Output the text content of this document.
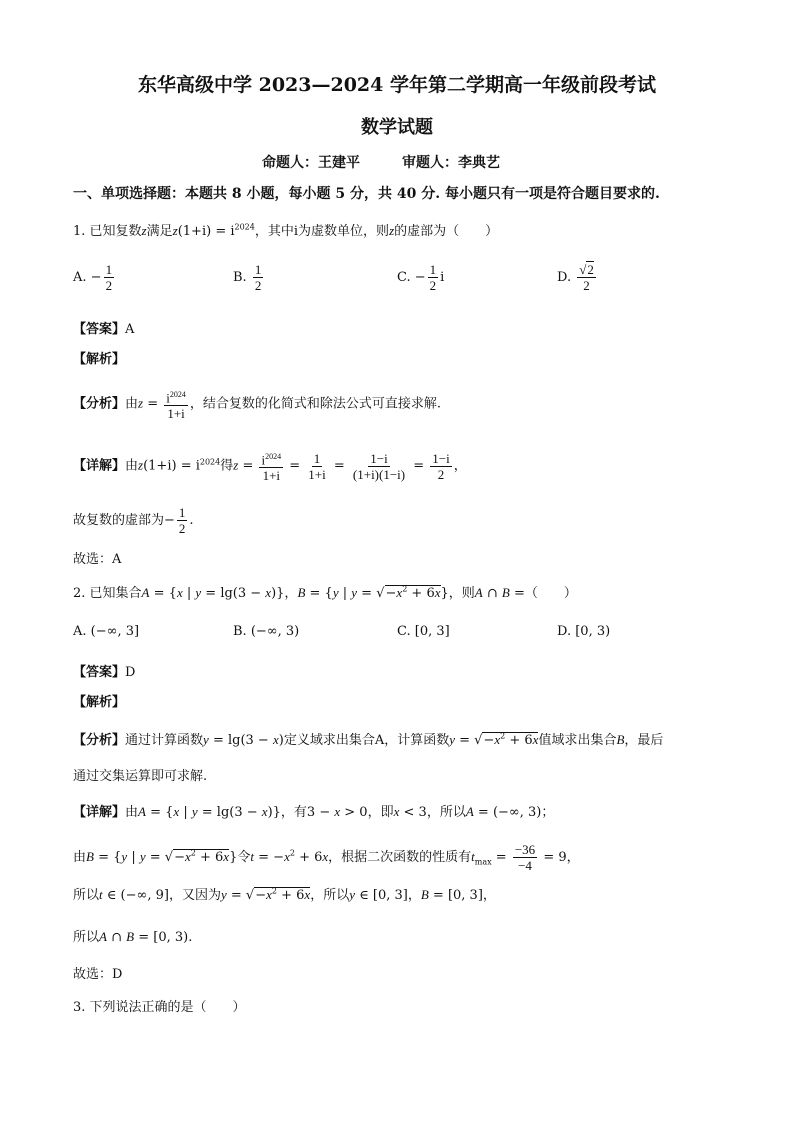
东华高级中学 2023—2024 学年第二学期高一年级前段考试
数学试题
命题人：王建平　　　审题人：李典艺
一、单项选择题：本题共 8 小题，每小题 5 分，共 40 分. 每小题只有一项是符合题目要求的.
1. 已知复数z满足$z(1+i) = i^{2024}$，其中i为虚数单位，则z的虚部为（　　）
A. − $\frac{1}{2}$	B. $\frac{1}{2}$	C. − $\frac{1}{2}$ i	D. $\frac{√2}{2}$
【答案】A
【解析】
【分析】由$z = \frac{i^{2024}}{1+i}$ ，结合复数的化简式和除法公式可直接求解.
【详解】由$z(1+i) = i^{2024}$得$z = \frac{i^{2024}}{1+i} = \frac{1}{1+i} = \frac{1-i}{(1+i)(1-i)} = \frac{1-i}{2}$ ，
故复数的虚部为− $\frac{1}{2}$ .
故选：A
2. 已知集合A = {x | y = lg(3 − x)}，B = {y | $y = √-x^2 + 6x$}，则A ∩ B =（　　）
A. (−∞, 3]	B. (−∞, 3)	C. [0, 3]	D. [0, 3)
【答案】D
【解析】
【分析】通过计算函数y = lg(3 − x)定义域求出集合A，计算函数$y = √-x^2 + 6x$值域求出集合B，最后
通过交集运算即可求解.
【详解】由A = {x | y = lg(3 − x)}，有3 − x > 0，即x < 3，所以A = (−∞, 3)；
由B = {y | $y = √-x^2 + 6x$}令$t = -x^2 + 6x$，根据二次函数的性质有$t_{max} = \frac{-36}{-4} = 9$，
所以t ∈ (−∞, 9]，又因为$y = √-x^2 + 6x$，所以y ∈ [0, 3]，B = [0, 3]，
所以A ∩ B = [0, 3).
故选：D
3. 下列说法正确的是（　　）
